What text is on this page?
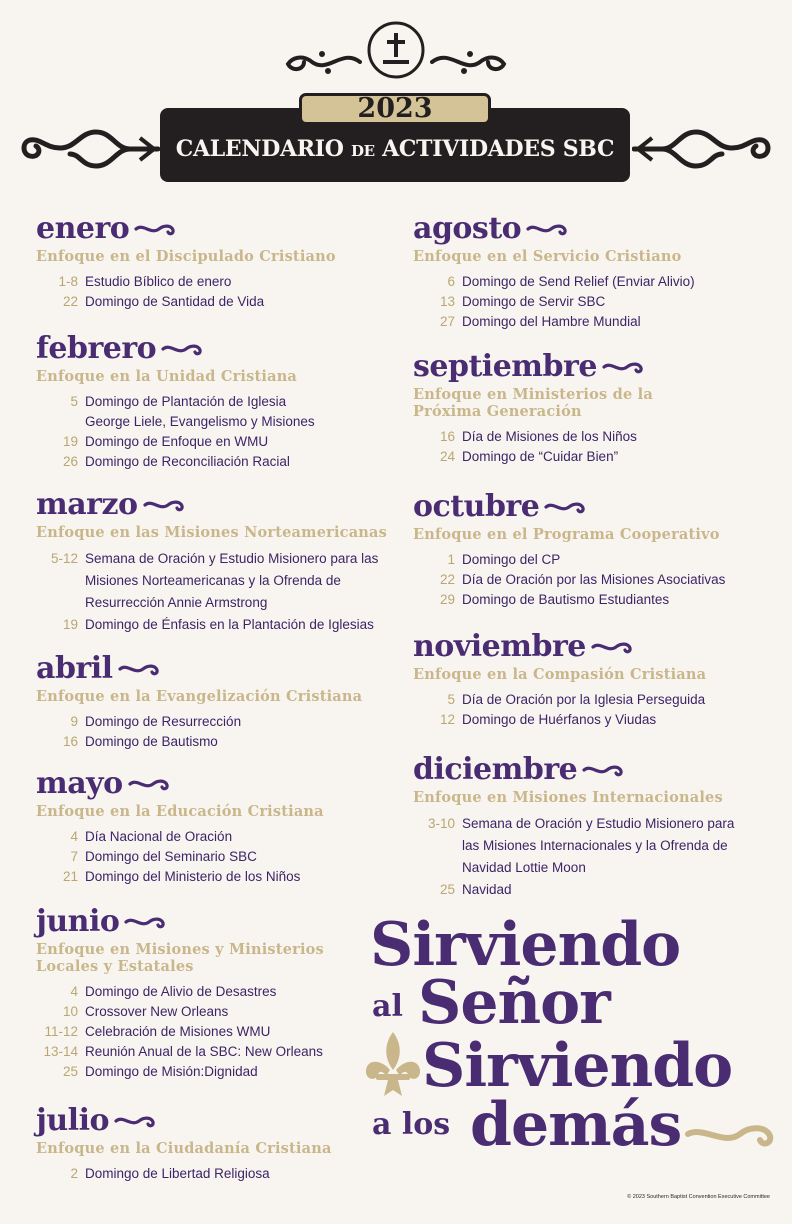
2023
CALENDARIO DE ACTIVIDADES SBC
enero
Enfoque en el Discipulado Cristiano
1-8 Estudio Bíblico de enero
22 Domingo de Santidad de Vida
febrero
Enfoque en la Unidad Cristiana
5 Domingo de Plantación de Iglesia
George Liele, Evangelismo y Misiones
19 Domingo de Enfoque en WMU
26 Domingo de Reconciliación Racial
marzo
Enfoque en las Misiones Norteamericanas
5-12 Semana de Oración y Estudio Misionero para las
Misiones Norteamericanas y la Ofrenda de
Resurrección Annie Armstrong
19 Domingo de Énfasis en la Plantación de Iglesias
abril
Enfoque en la Evangelización Cristiana
9 Domingo de Resurrección
16 Domingo de Bautismo
mayo
Enfoque en la Educación Cristiana
4 Día Nacional de Oración
7 Domingo del Seminario SBC
21 Domingo del Ministerio de los Niños
junio
Enfoque en Misiones y Ministerios
Locales y Estatales
4 Domingo de Alivio de Desastres
10 Crossover New Orleans
11-12 Celebración de Misiones WMU
13-14 Reunión Anual de la SBC: New Orleans
25 Domingo de Misión:Dignidad
julio
Enfoque en la Ciudadanía Cristiana
2 Domingo de Libertad Religiosa
agosto
Enfoque en el Servicio Cristiano
6 Domingo de Send Relief (Enviar Alivio)
13 Domingo de Servir SBC
27 Domingo del Hambre Mundial
septiembre
Enfoque en Ministerios de la
Próxima Generación
16 Día de Misiones de los Niños
24 Domingo de “Cuidar Bien”
octubre
Enfoque en el Programa Cooperativo
1 Domingo del CP
22 Día de Oración por las Misiones Asociativas
29 Domingo de Bautismo Estudiantes
noviembre
Enfoque en la Compasión Cristiana
5 Día de Oración por la Iglesia Perseguida
12 Domingo de Huérfanos y Viudas
diciembre
Enfoque en Misiones Internacionales
3-10 Semana de Oración y Estudio Misionero para
las Misiones Internacionales y la Ofrenda de
Navidad Lottie Moon
25 Navidad
Sirviendo
al Señor
Sirviendo
a los demás
© 2023 Southern Baptist Convention Executive Committee
